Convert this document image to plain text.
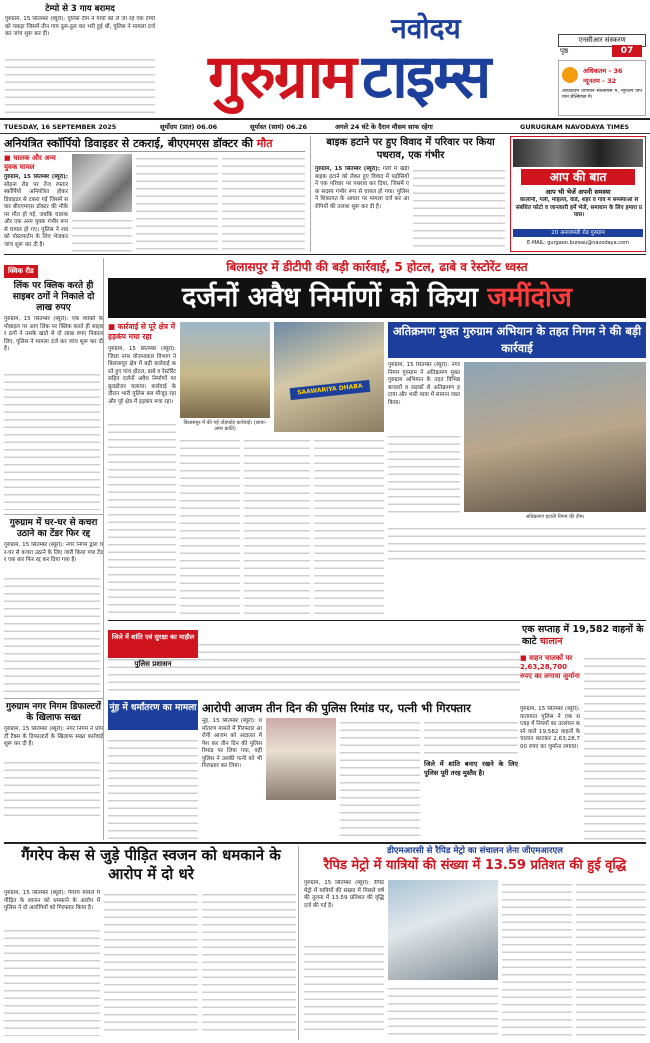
टेम्पो से 3 गाय बरामद
गुरुग्राम, 15 सितम्बर (ब्यूरो): पुलिस टीम ने गायों को ले जा रहे एक टेम्पो को पकड़ा जिसमें तीन गाय ठूस-ठूस कर भरी हुई थीं, पुलिस ने मामला दर्ज कर जांच शुरू कर दी।	नवोदय
गुरुग्राम टाइम्स
एनसीआर संस्करण
पृष्ठ	07
अधिकतम - 36
न्यूनतम - 32
अधिकतम तापमान सेल्सियस में, न्यूनतम तापमान सेल्सियस में।
TUESDAY, 16 SEPTEMBER 2025	सूर्योदय (प्रात) 06.06	सूर्यास्त (सायं) 06.26	अगले 24 घंटे के दैरान मौसम साफ रहेगा	GURUGRAM NAVODAYA TIMES
अनियंत्रित स्कॉर्पियो डिवाइडर से टकराई, बीएएमएस डॉक्टर की मौत
■ चालक और अन्य युवक घायल
गुरुग्राम, 15 सितम्बर (ब्यूरो): सोहना रोड पर तेज रफ्तार स्कॉर्पियो अनियंत्रित होकर डिवाइडर से टकरा गई जिसमें सवार बीएएमएस डॉक्टर की मौके पर मौत हो गई, जबकि चालक और एक अन्य युवक गंभीर रूप से घायल हो गए। पुलिस ने शव को पोस्टमार्टम के लिए भेजकर जांच शुरू कर दी है।
बाइक हटाने पर हुए विवाद में परिवार पर किया पथराव, एक गंभीर
गुरुग्राम, 15 सितम्बर (ब्यूरो): गली में खड़ी बाइक हटाने को लेकर हुए विवाद में पड़ोसियों ने एक परिवार पर पथराव कर दिया, जिसमें एक सदस्य गंभीर रूप से घायल हो गया। पुलिस ने शिकायत के आधार पर मामला दर्ज कर आरोपियों की तलाश शुरू कर दी है।
आप की बात
आप भी भेजें अपनी समस्या
कालोनी, गली, मोहल्ले, वार्ड, शहर व गांव में समस्याओं से संबंधित फोटो व जानकारी हमें भेजें, समाधान के लिए हमारा प्रयास।
20 अनाजमंडी रोड गुरुग्राम
E-MAIL: gurgaon.bureau@navodaya.com
क्विक रीड
लिंक पर क्लिक करते ही साइबर ठगों ने निकाले दो लाख रुपए
गुरुग्राम, 15 सितम्बर (ब्यूरो): एक व्यक्ति के मोबाइल पर आए लिंक पर क्लिक करते ही साइबर ठगों ने उसके खाते से दो लाख रुपए निकाल लिए, पुलिस ने मामला दर्ज कर जांच शुरू कर दी है।
गुरुग्राम में घर-घर से कचरा उठाने का टेंडर फिर रद्द
गुरुग्राम, 15 सितम्बर (ब्यूरो): नगर निगम द्वारा घर-घर से कचरा उठाने के लिए जारी किया गया टेंडर एक बार फिर रद्द कर दिया गया है।
गुरुग्राम नगर निगम डिफाल्टरों के खिलाफ सख्त
गुरुग्राम, 15 सितम्बर (ब्यूरो): नगर निगम ने प्रॉपर्टी टैक्स के डिफाल्टरों के खिलाफ सख्त कार्रवाई शुरू कर दी है।
बिलासपुर में डीटीपी की बड़ी कार्रवाई, 5 होटल, ढाबे व रेस्टोरेंट ध्वस्त
दर्जनों अवैध निर्माणों को किया जमींदोज
■ कार्रवाई से पूरे क्षेत्र में हड़कंप मचा रहा
गुरुग्राम, 15 सितम्बर (ब्यूरो): जिला नगर योजनाकार विभाग ने बिलासपुर क्षेत्र में बड़ी कार्रवाई करते हुए पांच होटल, ढाबे व रेस्टोरेंट सहित दर्जनों अवैध निर्माणों पर बुलडोजर चलाया। कार्रवाई के दौरान भारी पुलिस बल मौजूद रहा और पूरे क्षेत्र में हड़कंप मचा रहा।
बिलासपुर में की गई तोड़फोड़ कार्रवाई। (छाया-अमर क्रांति)
SAAWARIYA DHABA
अतिक्रमण मुक्त गुरुग्राम अभियान के तहत निगम ने की बड़ी कार्रवाई
गुरुग्राम, 15 सितम्बर (ब्यूरो): नगर निगम गुरुग्राम ने अतिक्रमण मुक्त गुरुग्राम अभियान के तहत विभिन्न बाजारों व सड़कों से अतिक्रमण हटाया और भारी मात्रा में सामान जब्त किया।
अतिक्रमण हटाती निगम की टीम।
एक सप्ताह में 19,582 वाहनों के काटे चालान
■ वाहन चालकों पर 2,63,28,700 रुपए का लगाया जुर्माना
गुरुग्राम, 15 सितम्बर (ब्यूरो): यातायात पुलिस ने एक सप्ताह में नियमों का उल्लंघन करने वाले 19,582 वाहनों के चालान काटकर 2,63,28,700 रुपए का जुर्माना लगाया।
जिले में शांति एवं सुरक्षा का माहौल
पुलिस प्रशासन
नूंह में धर्मांतरण का मामला आरोपी आजम तीन दिन की पुलिस रिमांड पर, पत्नी भी गिरफ्तार
नूंह, 15 सितम्बर (ब्यूरो): धर्मांतरण मामले में गिरफ्तार आरोपी आजम को अदालत में पेश कर तीन दिन की पुलिस रिमांड पर लिया गया, वहीं पुलिस ने उसकी पत्नी को भी गिरफ्तार कर लिया।	जिले में शांति बनाए रखने के लिए पुलिस पूरी तरह मुस्तैद है।
गैंगरेप केस से जुड़े पीड़ित स्वजन को धमकाने के आरोप में दो धरे
गुरुग्राम, 15 सितम्बर (ब्यूरो): गैंगरेप मामले में पीड़ित के स्वजन को धमकाने के आरोप में पुलिस ने दो आरोपियों को गिरफ्तार किया है।
डीएमआरसी से रैपिड मेट्रो का संचालन लेना जीएमआरएल
रैपिड मेट्रो में यात्रियों की संख्या में 13.59 प्रतिशत की हुई वृद्धि
गुरुग्राम, 15 सितम्बर (ब्यूरो): रैपिड मेट्रो में यात्रियों की संख्या में पिछले वर्ष की तुलना में 13.59 प्रतिशत की वृद्धि दर्ज की गई है।
